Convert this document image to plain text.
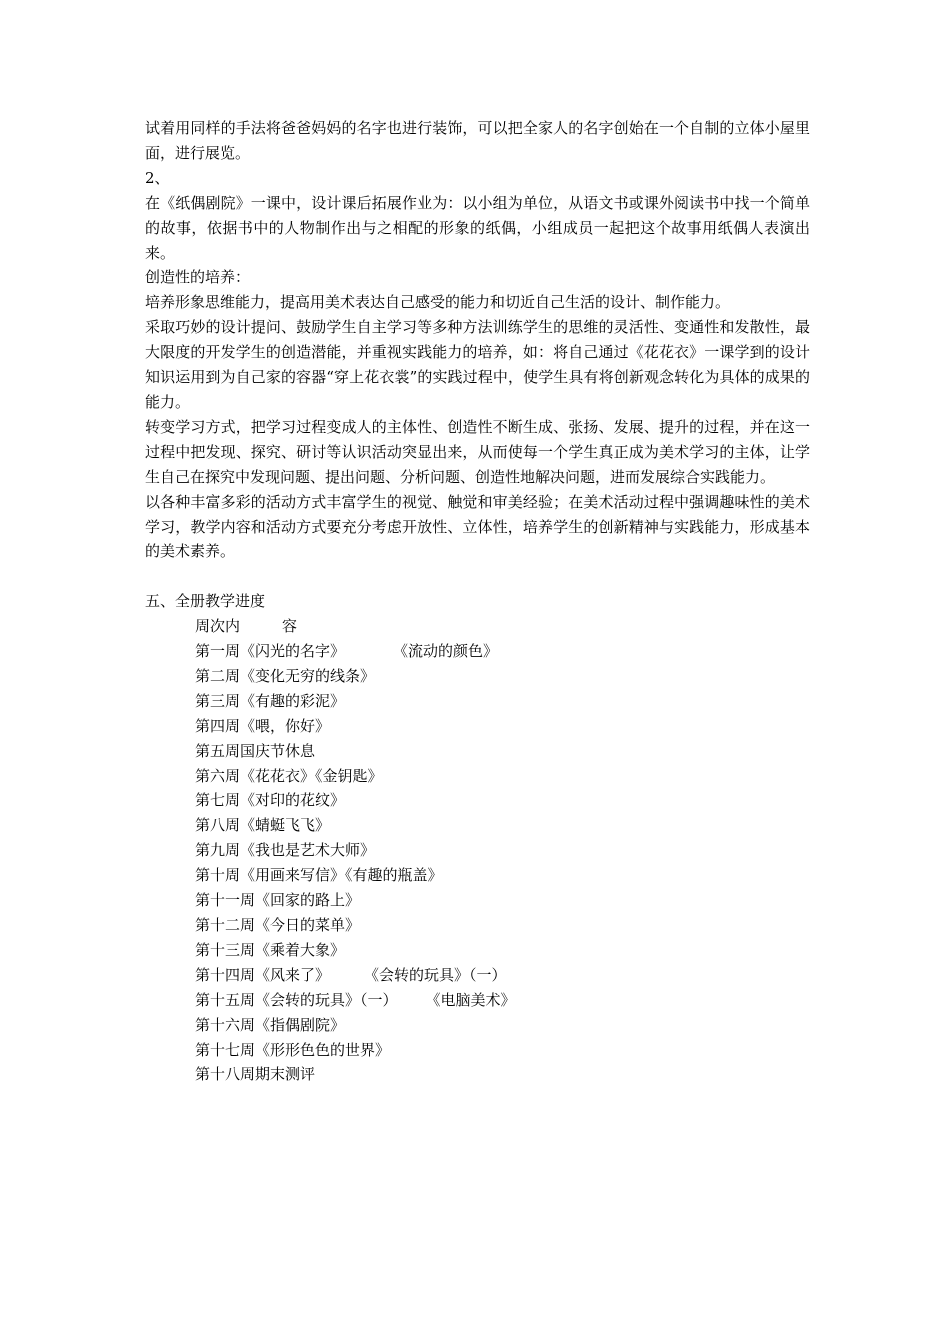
试着用同样的手法将爸爸妈妈的名字也进行装饰，可以把全家人的名字创始在一个自制的立体小屋里面，进行展览。

2、

在《纸偶剧院》一课中，设计课后拓展作业为：以小组为单位，从语文书或课外阅读书中找一个简单的故事，依据书中的人物制作出与之相配的形象的纸偶，小组成员一起把这个故事用纸偶人表演出来。

创造性的培养：

培养形象思维能力，提高用美术表达自己感受的能力和切近自己生活的设计、制作能力。

采取巧妙的设计提问、鼓励学生自主学习等多种方法训练学生的思维的灵活性、变通性和发散性，最大限度的开发学生的创造潜能，并重视实践能力的培养，如：将自己通过《花花衣》一课学到的设计知识运用到为自己家的容器“穿上花衣裳”的实践过程中，使学生具有将创新观念转化为具体的成果的能力。

转变学习方式，把学习过程变成人的主体性、创造性不断生成、张扬、发展、提升的过程，并在这一过程中把发现、探究、研讨等认识活动突显出来，从而使每一个学生真正成为美术学习的主体，让学生自己在探究中发现问题、提出问题、分析问题、创造性地解决问题，进而发展综合实践能力。

以各种丰富多彩的活动方式丰富学生的视觉、触觉和审美经验；在美术活动过程中强调趣味性的美术学习，教学内容和活动方式要充分考虑开放性、立体性，培养学生的创新精神与实践能力，形成基本的美术素养。

五、全册教学进度

周次内	容
第一周《闪光的名字》	《流动的颜色》
第二周《变化无穷的线条》
第三周《有趣的彩泥》
第四周《喂，你好》
第五周国庆节休息
第六周《花花衣》《金钥匙》
第七周《对印的花纹》
第八周《蜻蜓飞飞》
第九周《我也是艺术大师》
第十周《用画来写信》《有趣的瓶盖》
第十一周《回家的路上》
第十二周《今日的菜单》
第十三周《乘着大象》
第十四周《风来了》 《会转的玩具》（一）
第十五周《会转的玩具》（一） 《电脑美术》
第十六周《指偶剧院》
第十七周《形形色色的世界》
第十八周期末测评
